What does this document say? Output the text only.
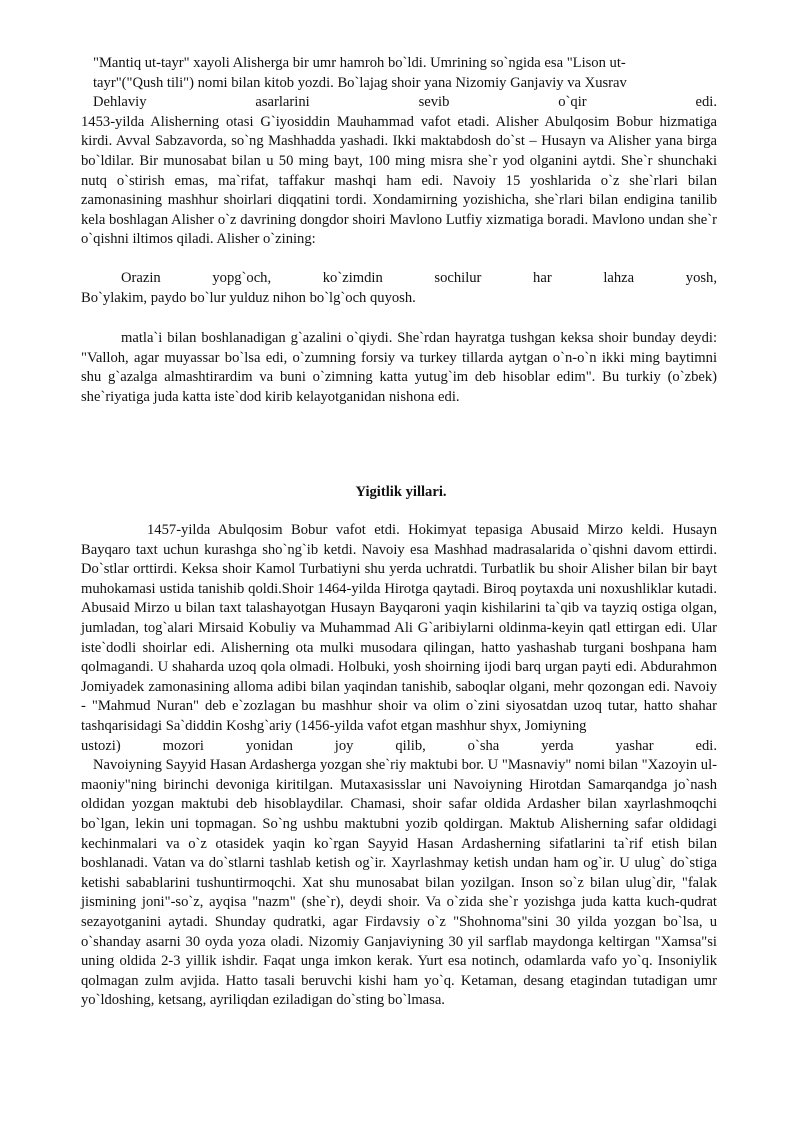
"Mantiq ut-tayr" xayoli Alisherga bir umr hamroh bo`ldi. Umrining so`ngida esa "Lison ut-
tayr"("Qush tili") nomi bilan kitob yozdi. Bo`lajag shoir yana Nizomiy Ganjaviy va Xusrav
Dehlaviy asarlarini sevib o`qir edi.

1453-yilda Alisherning otasi G`iyosiddin Mauhammad vafot etadi. Alisher Abulqosim Bobur hizmatiga kirdi. Avval Sabzavorda, so`ng Mashhadda yashadi. Ikki maktabdosh do`st – Husayn va Alisher yana birga bo`ldilar. Bir munosabat bilan u 50 ming bayt, 100 ming misra she`r yod olganini aytdi. She`r shunchaki nutq o`stirish emas, ma`rifat, taffakur mashqi ham edi. Navoiy 15 yoshlarida o`z she`rlari bilan zamonasining mashhur shoirlari diqqatini tordi. Xondamirning yozishicha, she`rlari bilan endigina tanilib kela boshlagan Alisher o`z davrining dongdor shoiri Mavlono Lutfiy xizmatiga boradi. Mavlono undan she`r o`qishni iltimos qiladi. Alisher o`zining:

Orazin yopg`och, ko`zimdin sochilur har lahza yosh,
Bo`ylakim, paydo bo`lur yulduz nihon bo`lg`och quyosh.

matla`i bilan boshlanadigan g`azalini o`qiydi. She`rdan hayratga tushgan keksa shoir bunday deydi: "Valloh, agar muyassar bo`lsa edi, o`zumning forsiy va turkey tillarda aytgan o`n-o`n ikki ming baytimni shu g`azalga almashtirardim va buni o`zimning katta yutug`im deb hisoblar edim". Bu turkiy (o`zbek) she`riyatiga juda katta iste`dod kirib kelayotganidan nishona edi.

Yigitlik yillari.

1457-yilda Abulqosim Bobur vafot etdi. Hokimyat tepasiga Abusaid Mirzo keldi. Husayn Bayqaro taxt uchun kurashga sho`ng`ib ketdi. Navoiy esa Mashhad madrasalarida o`qishni davom ettirdi. Do`stlar orttirdi. Keksa shoir Kamol Turbatiyni shu yerda uchratdi. Turbatlik bu shoir Alisher bilan bir bayt muhokamasi ustida tanishib qoldi.Shoir 1464-yilda Hirotga qaytadi. Biroq poytaxda uni noxushliklar kutadi. Abusaid Mirzo u bilan taxt talashayotgan Husayn Bayqaroni yaqin kishilarini ta`qib va tayziq ostiga olgan, jumladan, tog`alari Mirsaid Kobuliy va Muhammad Ali G`aribiylarni oldinma-keyin qatl ettirgan edi. Ular iste`dodli shoirlar edi. Alisherning ota mulki musodara qilingan, hatto yashashab turgani boshpana ham qolmagandi. U shaharda uzoq qola olmadi. Holbuki, yosh shoirning ijodi barq urgan payti edi. Abdurahmon Jomiyadek zamonasining alloma adibi bilan yaqindan tanishib, saboqlar olgani, mehr qozongan edi. Navoiy - "Mahmud Nuran" deb e`zozlagan bu mashhur shoir va olim o`zini siyosatdan uzoq tutar, hatto shahar tashqarisidagi Sa`diddin Koshg`ariy (1456-yilda vafot etgan mashhur shyx, Jomiyning
ustozi) mozori yonidan joy qilib, o`sha yerda yashar edi.

Navoiyning Sayyid Hasan Ardasherga yozgan she`riy maktubi bor. U "Masnaviy" nomi bilan "Xazoyin ul-maoniy"ning birinchi devoniga kiritilgan. Mutaxasisslar uni Navoiyning Hirotdan Samarqandga jo`nash oldidan yozgan maktubi deb hisoblaydilar. Chamasi, shoir safar oldida Ardasher bilan xayrlashmoqchi bo`lgan, lekin uni topmagan. So`ng ushbu maktubni yozib qoldirgan. Maktub Alisherning safar oldidagi kechinmalari va o`z otasidek yaqin ko`rgan Sayyid Hasan Ardasherning sifatlarini ta`rif etish bilan boshlanadi. Vatan va do`stlarni tashlab ketish og`ir. Xayrlashmay ketish undan ham og`ir. U ulug` do`stiga ketishi sabablarini tushuntirmoqchi. Xat shu munosabat bilan yozilgan. Inson so`z bilan ulug`dir, "falak jismining joni"-so`z, ayqisa "nazm" (she`r), deydi shoir. Va o`zida she`r yozishga juda katta kuch-qudrat sezayotganini aytadi. Shunday qudratki, agar Firdavsiy o`z "Shohnoma"sini 30 yilda yozgan bo`lsa, u o`shanday asarni 30 oyda yoza oladi. Nizomiy Ganjaviyning 30 yil sarflab maydonga keltirgan "Xamsa"si uning oldida 2-3 yillik ishdir. Faqat unga imkon kerak. Yurt esa notinch, odamlarda vafo yo`q. Insoniylik qolmagan zulm avjida. Hatto tasali beruvchi kishi ham yo`q. Ketaman, desang etagindan tutadigan umr yo`ldoshing, ketsang, ayriliqdan eziladigan do`sting bo`lmasa.
